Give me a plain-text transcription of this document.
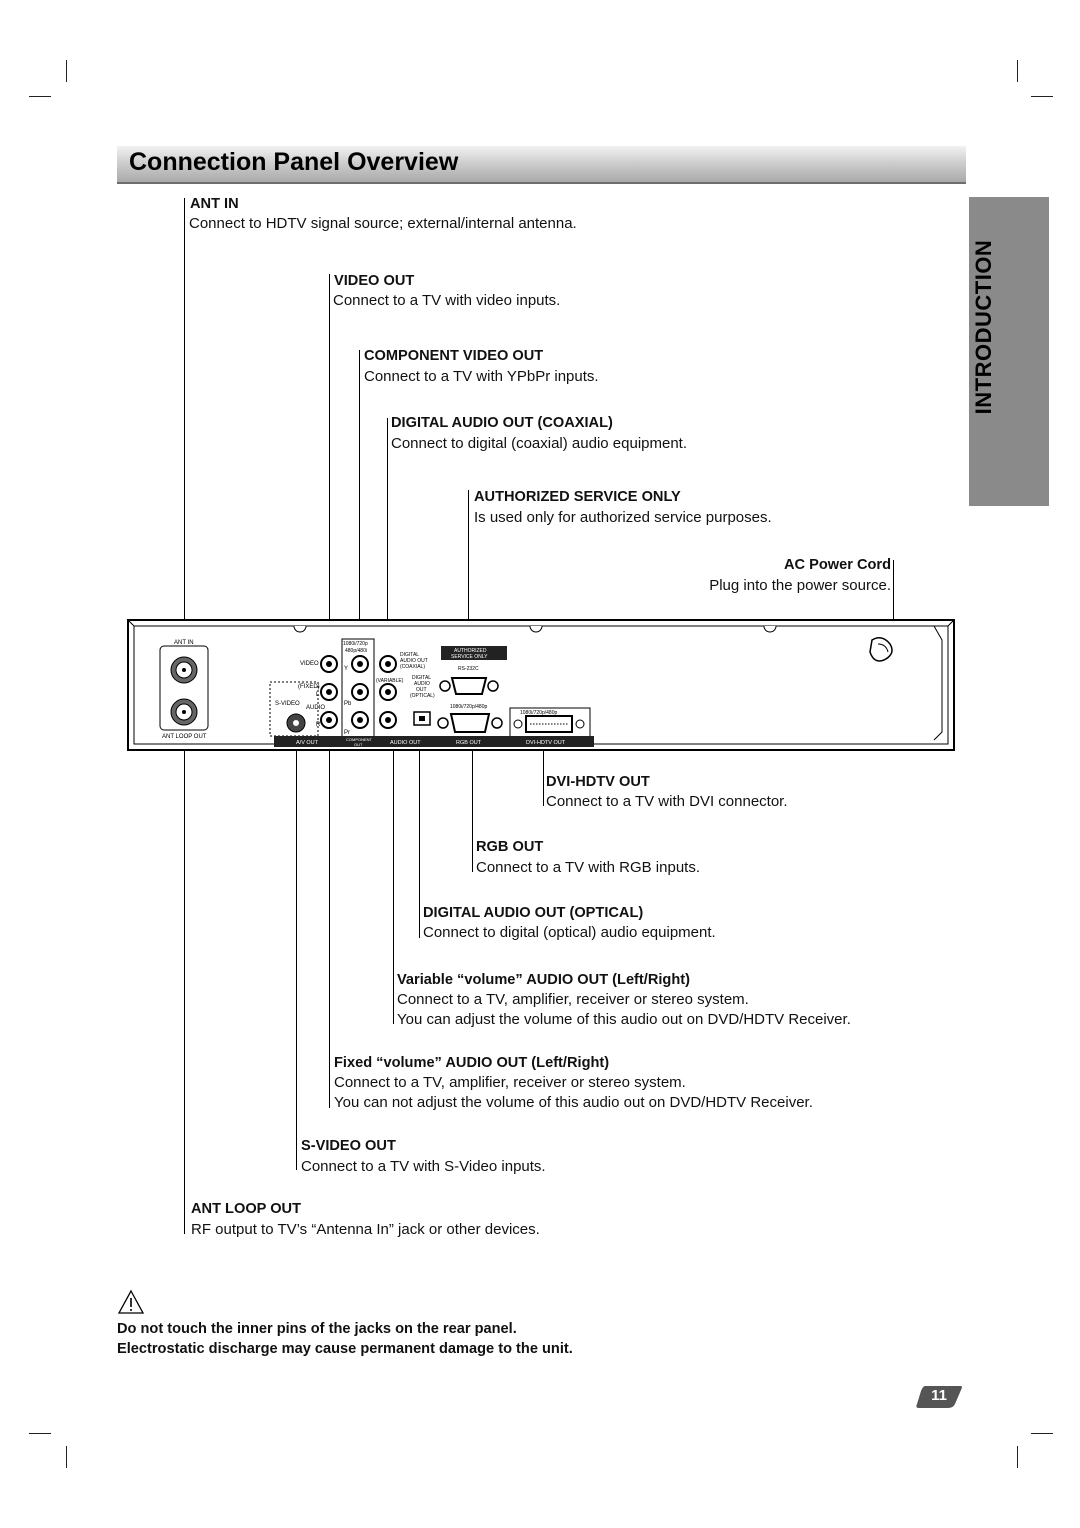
Connection Panel Overview
INTRODUCTION
ANT IN
Connect to HDTV signal source; external/internal antenna.
VIDEO OUT
Connect to a TV with video inputs.
COMPONENT VIDEO OUT
Connect to a TV with YPbPr inputs.
DIGITAL AUDIO OUT (COAXIAL)
Connect to digital (coaxial) audio equipment.
AUTHORIZED SERVICE ONLY
Is used only for authorized service purposes.
AC Power Cord
Plug into the power source.
ANT IN
ANT LOOP OUT
VIDEO
(FIXED)
S-VIDEO
AUDIO
1080i/720p
480p/480i
Y
Pb
Pr
L
R
DIGITAL
AUDIO OUT
(COAXIAL)
(VARIABLE) DIGITAL
AUDIO
OUT
(OPTICAL)
AUTHORIZED
SERVICE ONLY
RS-232C
1080i/720p/480p
1080i/720p/480p
A/V OUT
COMPONENT
OUT	AUDIO OUT	RGB OUT	DVI-HDTV OUT
DVI-HDTV OUT
Connect to a TV with DVI connector.
RGB OUT
Connect to a TV with RGB inputs.
DIGITAL AUDIO OUT (OPTICAL)
Connect to digital (optical) audio equipment.
Variable “volume” AUDIO OUT (Left/Right)
Connect to a TV, amplifier, receiver or stereo system.
You can adjust the volume of this audio out on DVD/HDTV Receiver.
Fixed “volume” AUDIO OUT (Left/Right)
Connect to a TV, amplifier, receiver or stereo system.
You can not adjust the volume of this audio out on DVD/HDTV Receiver.
S-VIDEO OUT
Connect to a TV with S-Video inputs.
ANT LOOP OUT
RF output to TV’s “Antenna In” jack or other devices.
Do not touch the inner pins of the jacks on the rear panel.
Electrostatic discharge may cause permanent damage to the unit.
11
